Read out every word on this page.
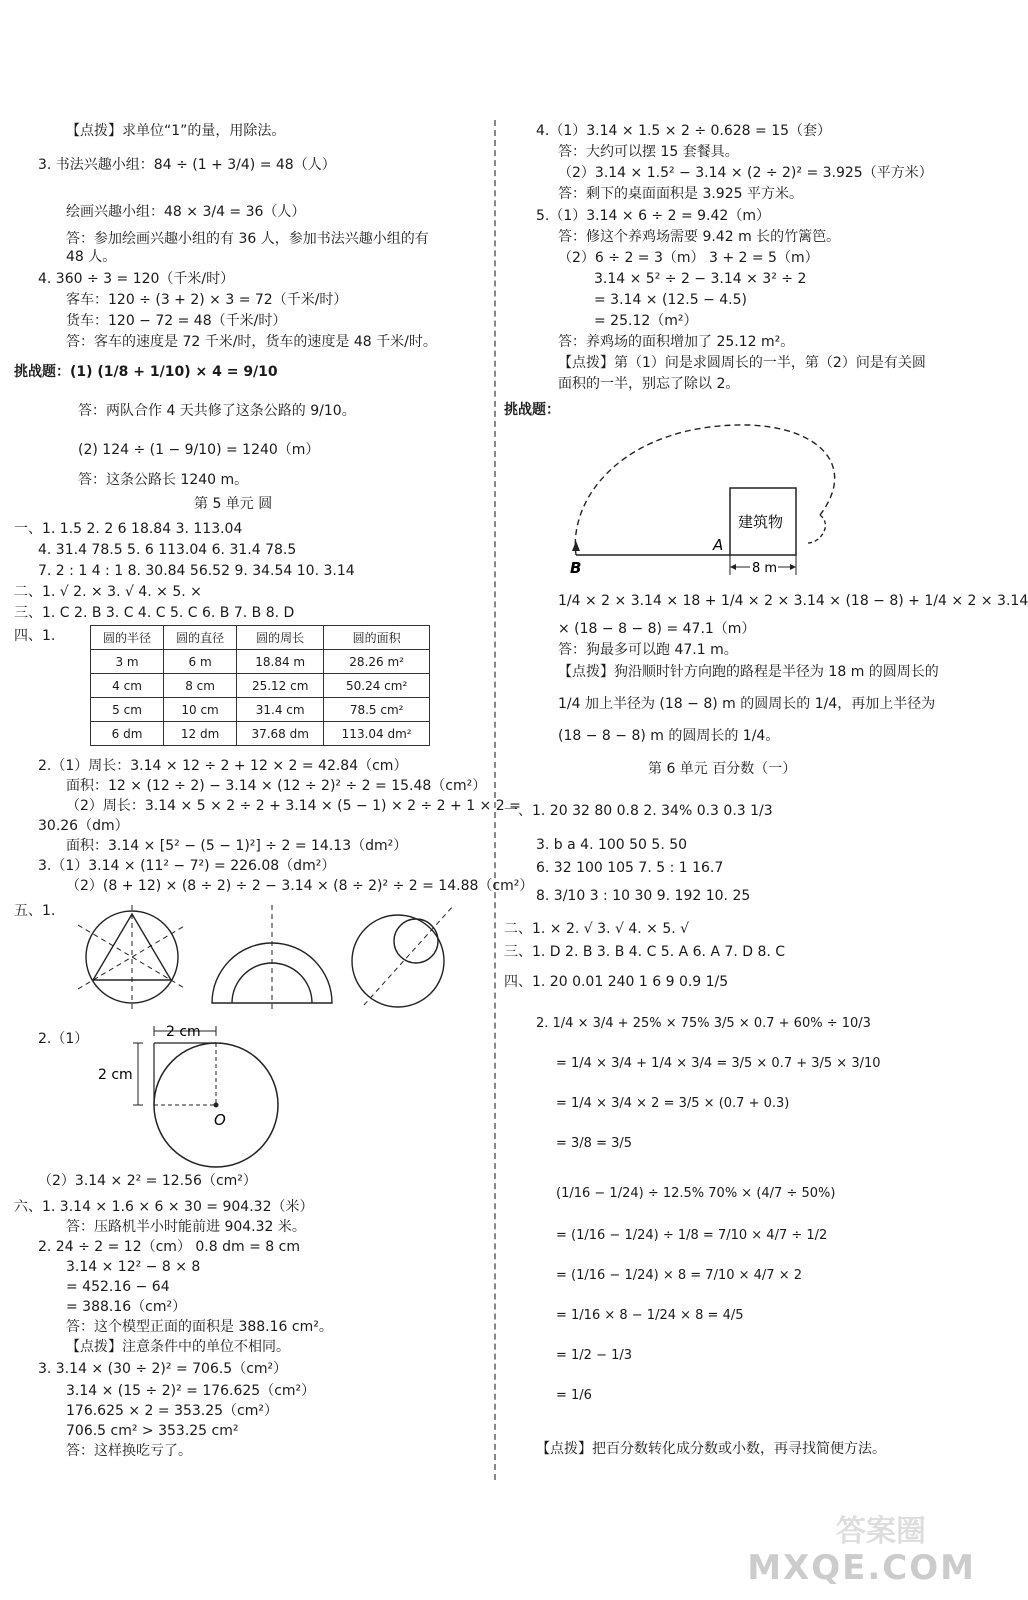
【点拨】求单位“1”的量，用除法。
3. 书法兴趣小组：84 ÷ (1 + 3/4) = 48（人）
绘画兴趣小组：48 × 3/4 = 36（人）
答：参加绘画兴趣小组的有 36 人，参加书法兴趣小组的有
48 人。
4. 360 ÷ 3 = 120（千米/时）
客车：120 ÷ (3 + 2) × 3 = 72（千米/时）
货车：120 − 72 = 48（千米/时）
答：客车的速度是 72 千米/时，货车的速度是 48 千米/时。
挑战题：(1) (1/8 + 1/10) × 4 = 9/10
答：两队合作 4 天共修了这条公路的 9/10。
(2) 124 ÷ (1 − 9/10) = 1240（m）
答：这条公路长 1240 m。
第 5 单元 圆
一、1. 1.5 2. 2 6 18.84 3. 113.04
4. 31.4 78.5 5. 6 113.04 6. 31.4 78.5
7. 2 : 1 4 : 1 8. 30.84 56.52 9. 34.54 10. 3.14
二、1. √ 2. × 3. √ 4. × 5. ×
三、1. C 2. B 3. C 4. C 5. C 6. B 7. B 8. D
四、1.	圆的半径	圆的直径	圆的周长	圆的面积
3 m	6 m	18.84 m	28.26 m²
4 cm	8 cm	25.12 cm	50.24 cm²
5 cm	10 cm	31.4 cm	78.5 cm²
6 dm	12 dm	37.68 dm	113.04 dm²
2.（1）周长：3.14 × 12 ÷ 2 + 12 × 2 = 42.84（cm）
面积：12 × (12 ÷ 2) − 3.14 × (12 ÷ 2)² ÷ 2 = 15.48（cm²）
（2）周长：3.14 × 5 × 2 ÷ 2 + 3.14 × (5 − 1) × 2 ÷ 2 + 1 × 2 =
30.26（dm）
面积：3.14 × [5² − (5 − 1)²] ÷ 2 = 14.13（dm²）
3.（1）3.14 × (11² − 7²) = 226.08（dm²）
（2）(8 + 12) × (8 ÷ 2) ÷ 2 − 3.14 × (8 ÷ 2)² ÷ 2 = 14.88（cm²）
五、1.
2.（1）	2 cm
2 cm
O
（2）3.14 × 2² = 12.56（cm²）
六、1. 3.14 × 1.6 × 6 × 30 = 904.32（米）
答：压路机半小时能前进 904.32 米。
2. 24 ÷ 2 = 12（cm） 0.8 dm = 8 cm
3.14 × 12² − 8 × 8
= 452.16 − 64
= 388.16（cm²）
答：这个模型正面的面积是 388.16 cm²。
【点拨】注意条件中的单位不相同。
3. 3.14 × (30 ÷ 2)² = 706.5（cm²）
3.14 × (15 ÷ 2)² = 176.625（cm²）
176.625 × 2 = 353.25（cm²）
706.5 cm² > 353.25 cm²
答：这样换吃亏了。
4.（1）3.14 × 1.5 × 2 ÷ 0.628 = 15（套）
答：大约可以摆 15 套餐具。
（2）3.14 × 1.5² − 3.14 × (2 ÷ 2)² = 3.925（平方米）
答：剩下的桌面面积是 3.925 平方米。
5.（1）3.14 × 6 ÷ 2 = 9.42（m）
答：修这个养鸡场需要 9.42 m 长的竹篱笆。
（2）6 ÷ 2 = 3（m） 3 + 2 = 5（m）
3.14 × 5² ÷ 2 − 3.14 × 3² ÷ 2
= 3.14 × (12.5 − 4.5)
= 25.12（m²）
答：养鸡场的面积增加了 25.12 m²。
【点拨】第（1）问是求圆周长的一半，第（2）问是有关圆
面积的一半，别忘了除以 2。
挑战题：
建筑物
A
B	8 m
1/4 × 2 × 3.14 × 18 + 1/4 × 2 × 3.14 × (18 − 8) + 1/4 × 2 × 3.14
× (18 − 8 − 8) = 47.1（m）
答：狗最多可以跑 47.1 m。
【点拨】狗沿顺时针方向跑的路程是半径为 18 m 的圆周长的
1/4 加上半径为 (18 − 8) m 的圆周长的 1/4，再加上半径为
(18 − 8 − 8) m 的圆周长的 1/4。
第 6 单元 百分数（一）
一、1. 20 32 80 0.8 2. 34% 0.3 0.3̇ 1/3
3. b a 4. 100 50 5. 50
6. 32 100 105 7. 5 : 1 16.7
8. 3/10 3 : 10 30 9. 192 10. 25
二、1. × 2. √ 3. √ 4. × 5. √
三、1. D 2. B 3. B 4. C 5. A 6. A 7. D 8. C
四、1. 20 0.01 240 1 6 9 0.9 1/5
2. 1/4 × 3/4 + 25% × 75% 3/5 × 0.7 + 60% ÷ 10/3
= 1/4 × 3/4 + 1/4 × 3/4 = 3/5 × 0.7 + 3/5 × 3/10
= 1/4 × 3/4 × 2 = 3/5 × (0.7 + 0.3)
= 3/8 = 3/5
(1/16 − 1/24) ÷ 12.5% 70% × (4/7 ÷ 50%)
= (1/16 − 1/24) ÷ 1/8 = 7/10 × 4/7 ÷ 1/2
= (1/16 − 1/24) × 8 = 7/10 × 4/7 × 2
= 1/16 × 8 − 1/24 × 8 = 4/5
= 1/2 − 1/3
= 1/6
【点拨】把百分数转化成分数或小数，再寻找简便方法。
答案圈
MXQE.COM
